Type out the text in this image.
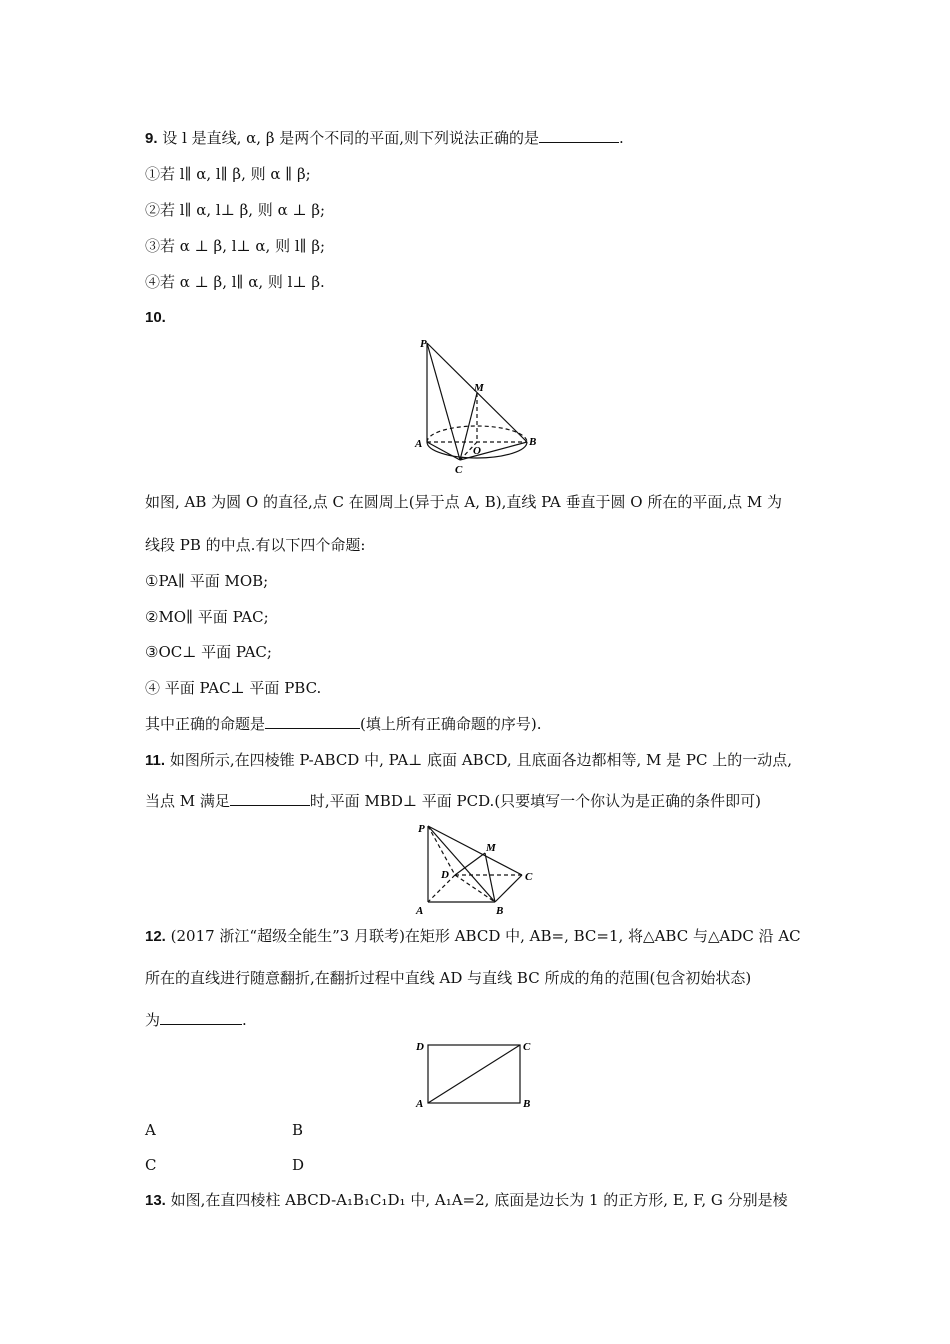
9. 设 l 是直线, α, β 是两个不同的平面,则下列说法正确的是	.
①若 l∥ α, l∥ β, 则 α ∥ β;
②若 l∥ α, l⊥ β, 则 α ⊥ β;
③若 α ⊥ β, l⊥ α, 则 l∥ β;
④若 α ⊥ β, l∥ α, 则 l⊥ β.
10.
P
M
A	B
O
C
如图, AB 为圆 O 的直径,点 C 在圆周上(异于点 A, B),直线 PA 垂直于圆 O 所在的平面,点 M 为
线段 PB 的中点.有以下四个命题:
①PA∥ 平面 MOB;
②MO∥ 平面 PAC;
③OC⊥ 平面 PAC;
④ 平面 PAC⊥ 平面 PBC.
其中正确的命题是	(填上所有正确命题的序号).
11. 如图所示,在四棱锥 P-ABCD 中, PA⊥ 底面 ABCD, 且底面各边都相等, M 是 PC 上的一动点,
当点 M 满足	时,平面 MBD⊥ 平面 PCD.(只要填写一个你认为是正确的条件即可)
P
M
D	C
A	B
12. (2017 浙江“超级全能生”3 月联考)在矩形 ABCD 中, AB=, BC=1, 将△ABC 与△ADC 沿 AC
所在的直线进行随意翻折,在翻折过程中直线 AD 与直线 BC 所成的角的范围(包含初始状态)
为	.
D	C
A	B
A	B
C	D
13. 如图,在直四棱柱 ABCD-A₁B₁C₁D₁ 中, A₁A=2, 底面是边长为 1 的正方形, E, F, G 分别是棱
